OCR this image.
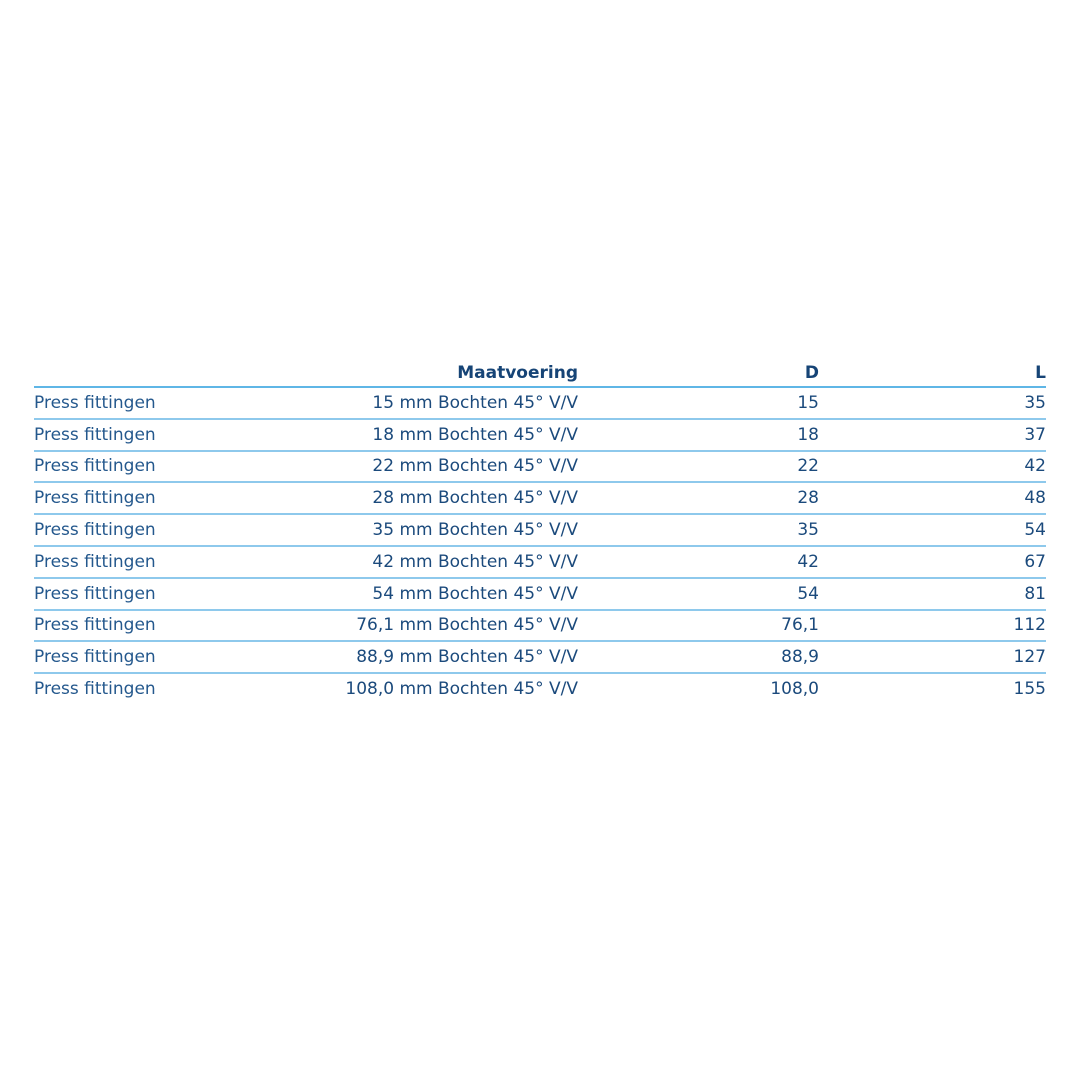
	Maatvoering	D	L
Press fittingen	15 mm Bochten 45° V/V	15	35
Press fittingen	18 mm Bochten 45° V/V	18	37
Press fittingen	22 mm Bochten 45° V/V	22	42
Press fittingen	28 mm Bochten 45° V/V	28	48
Press fittingen	35 mm Bochten 45° V/V	35	54
Press fittingen	42 mm Bochten 45° V/V	42	67
Press fittingen	54 mm Bochten 45° V/V	54	81
Press fittingen	76,1 mm Bochten 45° V/V	76,1	112
Press fittingen	88,9 mm Bochten 45° V/V	88,9	127
Press fittingen	108,0 mm Bochten 45° V/V	108,0	155
